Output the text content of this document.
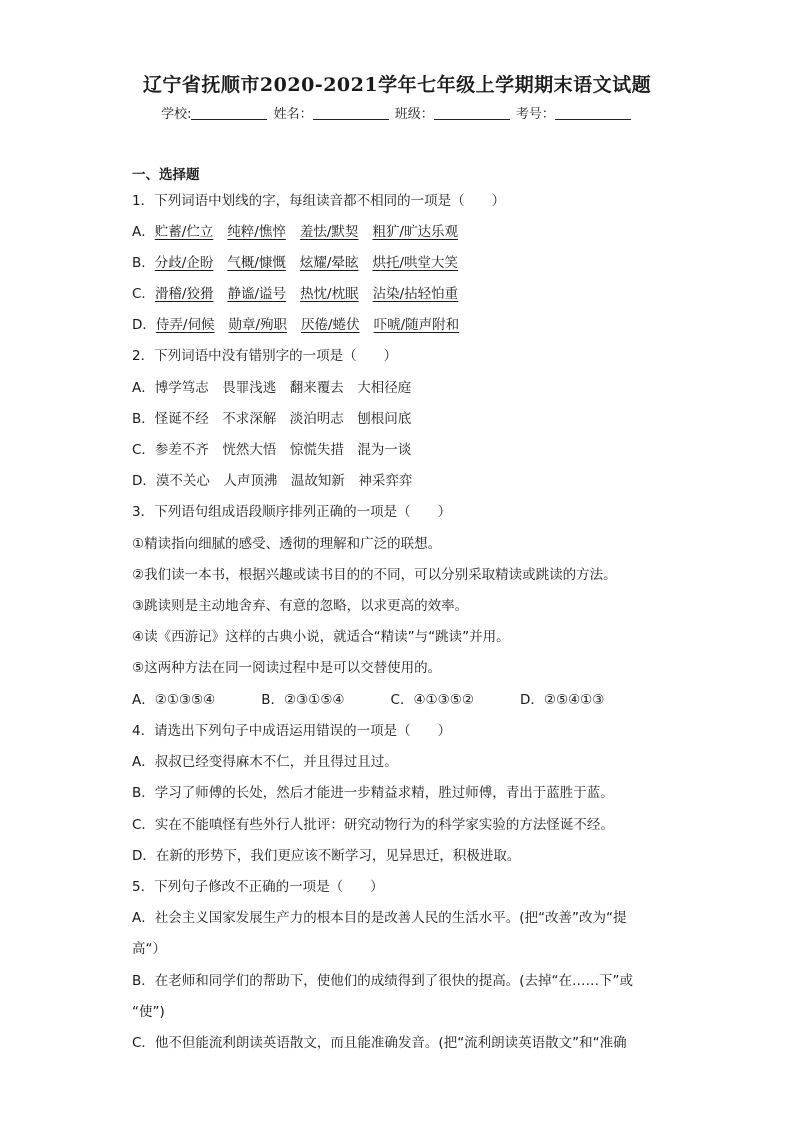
辽宁省抚顺市2020-2021学年七年级上学期期末语文试题
学校:	姓名：	班级：	考号：
一、选择题
1．下列词语中划线的字，每组读音都不相同的一项是（　　）
A．贮蓄/伫立 纯粹/憔悴 羞怯/默契 粗犷/旷达乐观
B．分歧/企盼 气概/慷慨 炫耀/晕眩 烘托/哄堂大笑
C．滑稽/狡猾 静谧/谥号 热忱/枕眠 沾染/拈轻怕重
D．侍弄/伺候 勋章/殉职 厌倦/蜷伏 吓唬/随声附和
2．下列词语中没有错别字的一项是（　　）
A．博学笃志　畏罪浅逃　翻来覆去　大相径庭
B．怪诞不经　不求深解　淡泊明志　刨根问底
C．参差不齐　恍然大悟　惊慌失措　混为一谈
D．漠不关心　人声顶沸　温故知新　神采弈弈
3．下列语句组成语段顺序排列正确的一项是（　　）
①精读指向细腻的感受、透彻的理解和广泛的联想。
②我们读一本书，根据兴趣或读书目的的不同，可以分别采取精读或跳读的方法。
③跳读则是主动地舍弃、有意的忽略，以求更高的效率。
④读《西游记》这样的古典小说，就适合“精读”与“跳读”并用。
⑤这两种方法在同一阅读过程中是可以交替使用的。
A．②①③⑤④	B．②③①⑤④	C．④①③⑤②	D．②⑤④①③
4．请选出下列句子中成语运用错误的一项是（　　）
A．叔叔已经变得麻木不仁，并且得过且过。
B．学习了师傅的长处，然后才能进一步精益求精，胜过师傅，青出于蓝胜于蓝。
C．实在不能嗔怪有些外行人批评：研究动物行为的科学家实验的方法怪诞不经。
D．在新的形势下，我们更应该不断学习，见异思迁，积极进取。
5．下列句子修改不正确的一项是（　　）
A．社会主义国家发展生产力的根本目的是改善人民的生活水平。(把“改善”改为“提
高“）
B．在老师和同学们的帮助下，使他们的成绩得到了很快的提高。(去掉“在……下”或
“使”)
C．他不但能流利朗读英语散文，而且能准确发音。(把“流利朗读英语散文”和“准确
